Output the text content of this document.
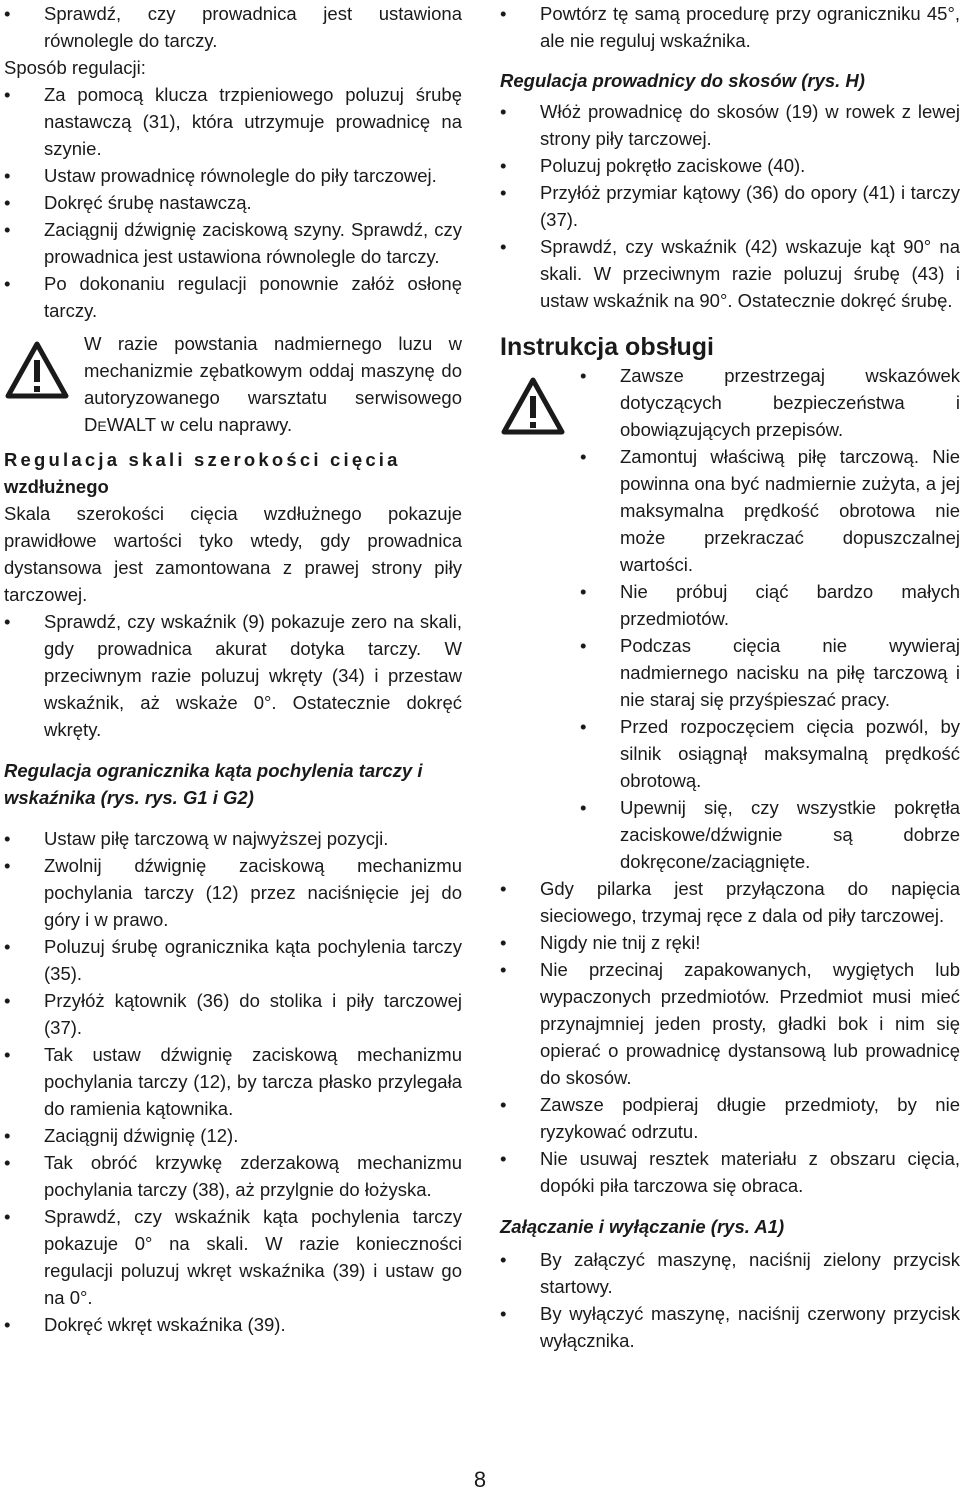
• Sprawdź, czy prowadnica jest ustawiona równolegle do tarczy.

Sposób regulacji:

• Za pomocą klucza trzpieniowego poluzuj śrubę nastawczą (31), która utrzymuje prowadnicę na szynie.
• Ustaw prowadnicę równolegle do piły tarczowej.
• Dokręć śrubę nastawczą.
• Zaciągnij dźwignię zaciskową szyny. Sprawdź, czy prowadnica jest ustawiona równolegle do tarczy.
• Po dokonaniu regulacji ponownie załóż osłonę tarczy.

W razie powstania nadmiernego luzu w mechanizmie zębatkowym oddaj maszynę do autoryzowanego warsztatu serwisowego DEWALT w celu naprawy.

Regulacja skali szerokości cięcia

wzdłużnego

Skala szerokości cięcia wzdłużnego pokazuje prawidłowe wartości tyko wtedy, gdy prowadnica dystansowa jest zamontowana z prawej strony piły tarczowej.

• Sprawdź, czy wskaźnik (9) pokazuje zero na skali, gdy prowadnica akurat dotyka tarczy. W przeciwnym razie poluzuj wkręty (34) i przestaw wskaźnik, aż wskaże 0°. Ostatecznie dokręć wkręty.

Regulacja ogranicznika kąta pochylenia tarczy i wskaźnika (rys. rys. G1 i G2)

• Ustaw piłę tarczową w najwyższej pozycji.
• Zwolnij dźwignię zaciskową mechanizmu pochylania tarczy (12) przez naciśnięcie jej do góry i w prawo.
• Poluzuj śrubę ogranicznika kąta pochylenia tarczy (35).
• Przyłóż kątownik (36) do stolika i piły tarczowej (37).
• Tak ustaw dźwignię zaciskową mechanizmu pochylania tarczy (12), by tarcza płasko przylegała do ramienia kątownika.
• Zaciągnij dźwignię (12).
• Tak obróć krzywkę zderzakową mechanizmu pochylania tarczy (38), aż przylgnie do łożyska.
• Sprawdź, czy wskaźnik kąta pochylenia tarczy pokazuje 0° na skali. W razie konieczności regulacji poluzuj wkręt wskaźnika (39) i ustaw go na 0°.
• Dokręć wkręt wskaźnika (39).
• Powtórz tę samą procedurę przy ograniczniku 45°, ale nie reguluj wskaźnika.

Regulacja prowadnicy do skosów (rys. H)

• Włóż prowadnicę do skosów (19) w rowek z lewej strony piły tarczowej.
• Poluzuj pokrętło zaciskowe (40).
• Przyłóż przymiar kątowy (36) do opory (41) i tarczy (37).
• Sprawdź, czy wskaźnik (42) wskazuje kąt 90° na skali. W przeciwnym razie poluzuj śrubę (43) i ustaw wskaźnik na 90°. Ostatecznie dokręć śrubę.

Instrukcja obsługi

• Zawsze przestrzegaj wskazówek dotyczących bezpieczeństwa i obowiązujących przepisów.
• Zamontuj właściwą piłę tarczową. Nie powinna ona być nadmiernie zużyta, a jej maksymalna prędkość obrotowa nie może przekraczać dopuszczalnej wartości.
• Nie próbuj ciąć bardzo małych przedmiotów.
• Podczas cięcia nie wywieraj nadmiernego nacisku na piłę tarczową i nie staraj się przyśpieszać pracy.
• Przed rozpoczęciem cięcia pozwól, by silnik osiągnął maksymalną prędkość obrotową.
• Upewnij się, czy wszystkie pokrętła zaciskowe/dźwignie są dobrze dokręcone/zaciągnięte.
• Gdy pilarka jest przyłączona do napięcia sieciowego, trzymaj ręce z dala od piły tarczowej.
• Nigdy nie tnij z ręki!
• Nie przecinaj zapakowanych, wygiętych lub wypaczonych przedmiotów. Przedmiot musi mieć przynajmniej jeden prosty, gładki bok i nim się opierać o prowadnicę dystansową lub prowadnicę do skosów.
• Zawsze podpieraj długie przedmioty, by nie ryzykować odrzutu.
• Nie usuwaj resztek materiału z obszaru cięcia, dopóki piła tarczowa się obraca.

Załączanie i wyłączanie (rys. A1)

• By załączyć maszynę, naciśnij zielony przycisk startowy.
• By wyłączyć maszynę, naciśnij czerwony przycisk wyłącznika.
8
